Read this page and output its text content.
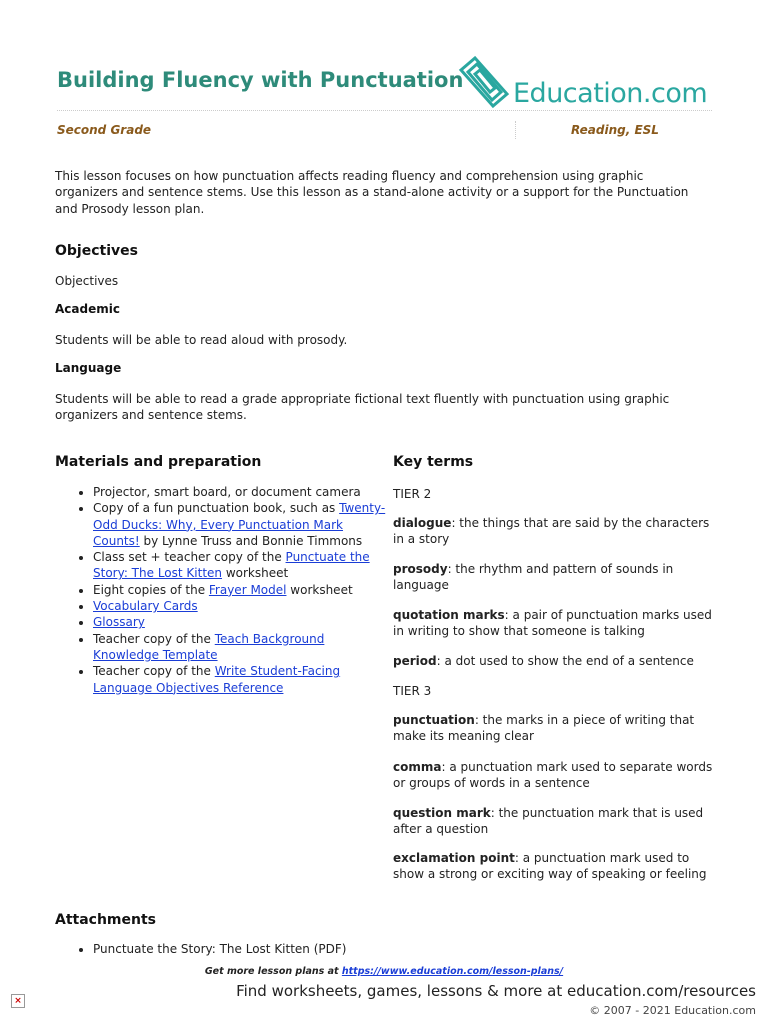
Building Fluency with Punctuation Education.com
Second Grade	Reading, ESL
This lesson focuses on how punctuation affects reading fluency and comprehension using graphic organizers and sentence stems. Use this lesson as a stand-alone activity or a support for the Punctuation and Prosody lesson plan.
Objectives
Objectives
Academic
Students will be able to read aloud with prosody.
Language
Students will be able to read a grade appropriate fictional text fluently with punctuation using graphic organizers and sentence stems.
Materials and preparation
• Projector, smart board, or document camera
• Copy of a fun punctuation book, such as Twenty-Odd Ducks: Why, Every Punctuation Mark Counts! by Lynne Truss and Bonnie Timmons
• Class set + teacher copy of the Punctuate the Story: The Lost Kitten worksheet
• Eight copies of the Frayer Model worksheet
• Vocabulary Cards
• Glossary
• Teacher copy of the Teach Background Knowledge Template
• Teacher copy of the Write Student-Facing Language Objectives Reference
Key terms
TIER 2
dialogue: the things that are said by the characters in a story
prosody: the rhythm and pattern of sounds in language
quotation marks: a pair of punctuation marks used in writing to show that someone is talking
period: a dot used to show the end of a sentence
TIER 3
punctuation: the marks in a piece of writing that make its meaning clear
comma: a punctuation mark used to separate words or groups of words in a sentence
question mark: the punctuation mark that is used after a question
exclamation point: a punctuation mark used to show a strong or exciting way of speaking or feeling
Attachments
• Punctuate the Story: The Lost Kitten (PDF)
Get more lesson plans at https://www.education.com/lesson-plans/
×
Find worksheets, games, lessons & more at education.com/resources
© 2007 - 2021 Education.com
